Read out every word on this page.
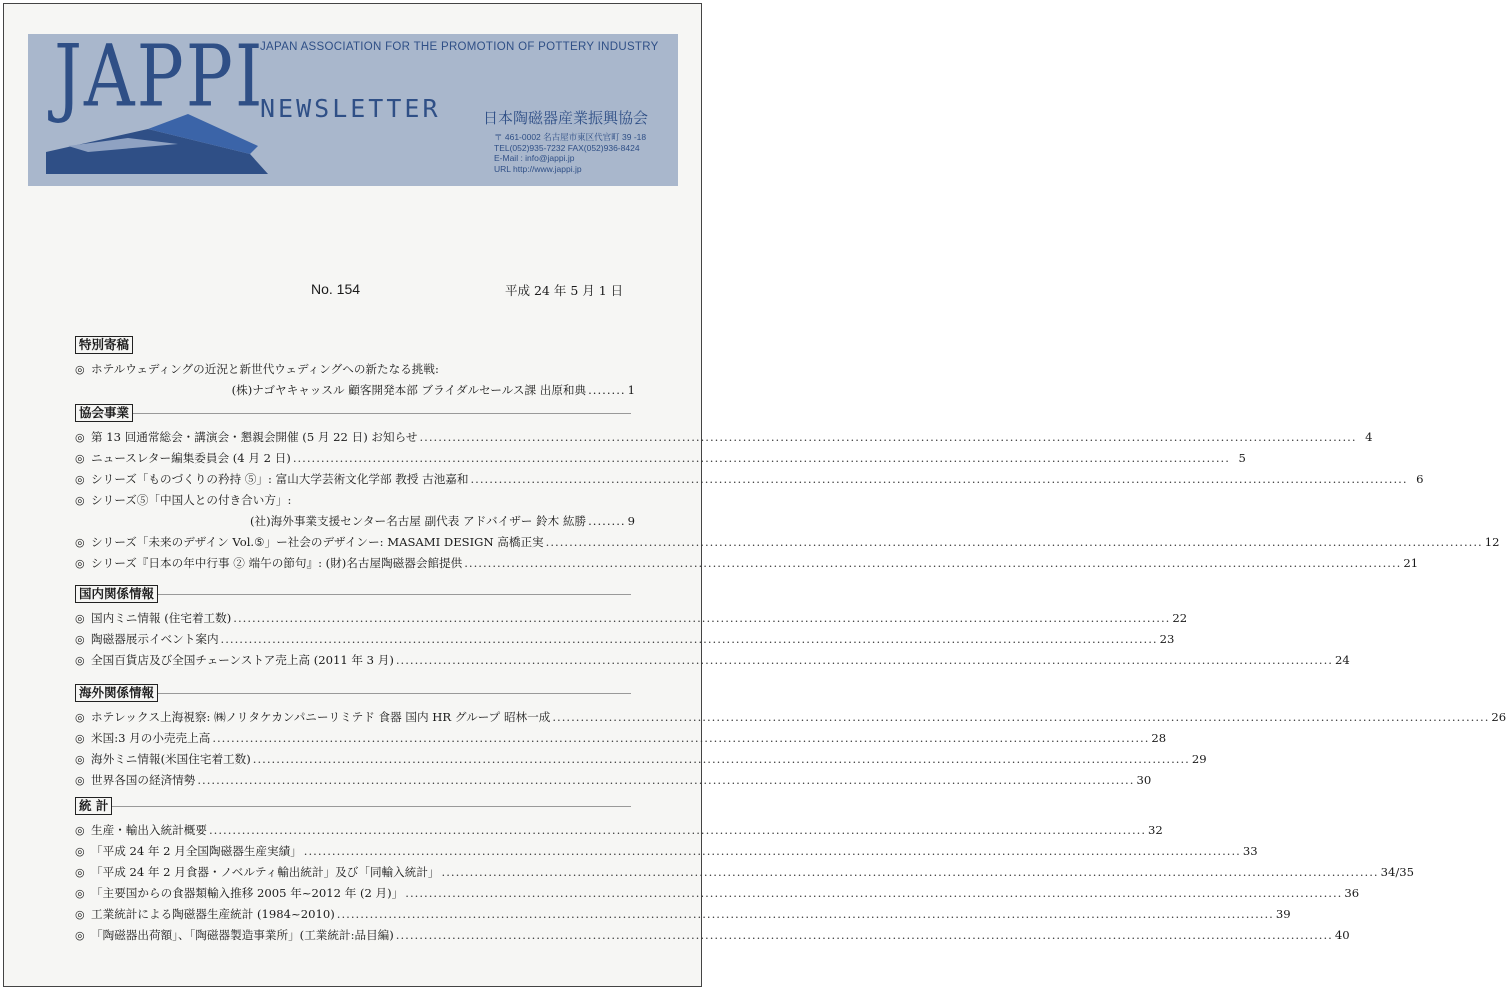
JAPPI
JAPAN ASSOCIATION FOR THE PROMOTION OF POTTERY INDUSTRY
NEWSLETTER	日本陶磁器産業振興協会
〒 461-0002 名古屋市東区代官町 39 -18
TEL(052)935-7232 FAX(052)936-8424
E-Mail : info@jappi.jp
URL http://www.jappi.jp
No. 154	平成 24 年 5 月 1 日
特別寄稿
◎ ホテルウェディングの近況と新世代ウェディングへの新たなる挑戦:
(株)ナゴヤキャッスル 顧客開発本部 ブライダルセールス課 出原和典 ........ 1
協会事業
◎ 第 13 回通常総会・講演会・懇親会開催 (5 月 22 日) お知らせ ........................................................................................................................................................................................................ 4
◎ ニュースレター編集委員会 (4 月 2 日) ........................................................................................................................................................................................................ 5
◎ シリーズ「ものづくりの矜持 ⑤」: 富山大学芸術文化学部 教授 古池嘉和 ........................................................................................................................................................................................................ 6
◎ シリーズ⑤「中国人との付き合い方」:
(社)海外事業支援センター名古屋 副代表 アドバイザー 鈴木 紘勝 ........ 9
◎ シリーズ「未来のデザイン Vol.⑤」ー社会のデザインー: MASAMI DESIGN 高橋正実 ........................................................................................................................................................................................................ 12
◎ シリーズ『日本の年中行事 ② 端午の節句』: (財)名古屋陶磁器会館提供 ........................................................................................................................................................................................................ 21
国内関係情報
◎ 国内ミニ情報 (住宅着工数) ........................................................................................................................................................................................................ 22
◎ 陶磁器展示イベント案内 ........................................................................................................................................................................................................ 23
◎ 全国百貨店及び全国チェーンストア売上高 (2011 年 3 月) ........................................................................................................................................................................................................ 24
海外関係情報
◎ ホテレックス上海視察: ㈱ノリタケカンパニーリミテド 食器 国内 HR グループ 昭林一成 ........................................................................................................................................................................................................ 26
◎ 米国:3 月の小売売上高 ........................................................................................................................................................................................................ 28
◎ 海外ミニ情報(米国住宅着工数) ........................................................................................................................................................................................................ 29
◎ 世界各国の経済情勢 ........................................................................................................................................................................................................ 30
統 計
◎ 生産・輸出入統計概要 ........................................................................................................................................................................................................ 32
◎ 「平成 24 年 2 月全国陶磁器生産実績」 ........................................................................................................................................................................................................ 33
◎ 「平成 24 年 2 月食器・ノベルティ輸出統計」及び「同輸入統計」 ........................................................................................................................................................................................................ 34/35
◎ 「主要国からの食器類輸入推移 2005 年~2012 年 (2 月)」 ........................................................................................................................................................................................................ 36
◎ 工業統計による陶磁器生産統計 (1984~2010) ........................................................................................................................................................................................................ 39
◎ 「陶磁器出荷額」、「陶磁器製造事業所」(工業統計:品目編) ........................................................................................................................................................................................................ 40
